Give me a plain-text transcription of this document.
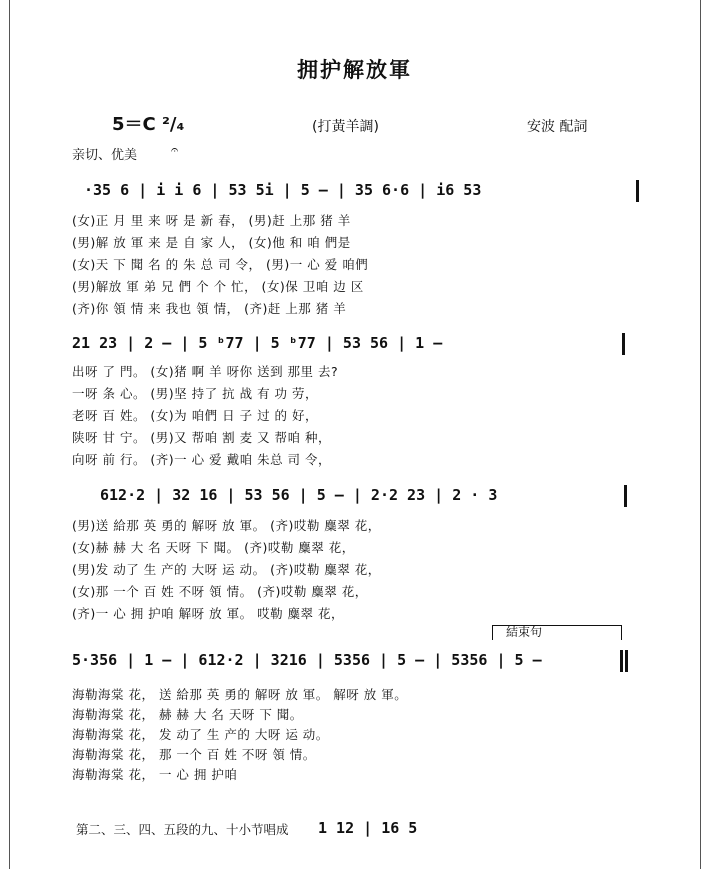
拥护解放軍
5＝C ²/₄	(打黃羊調)	安波 配詞
亲切、优美	𝄐
·35 6 | i i 6 | 53 5i | 5 — | 35 6·6 | i6 53
(女)正 月 里 来 呀 是 新 春， (男)赶 上那 猪 羊
(男)解 放 軍 来 是 自 家 人， (女)他 和 咱 們是
(女)天 下 聞 名 的 朱 总 司 令， (男)一 心 爱 咱們
(男)解放 軍 弟 兄 們 个 个 忙， (女)保 卫咱 边 区
(齐)你 領 情 来 我也 領 情， (齐)赶 上那 猪 羊
21 23 | 2 — | 5 ᵇ77 | 5 ᵇ77 | 53 56 | 1 —
出呀 了 門。 (女)猪 啊 羊 呀你 送到 那里 去?
一呀 条 心。 (男)坚 持了 抗 战 有 功 劳，
老呀 百 姓。 (女)为 咱們 日 子 过 的 好，
陕呀 甘 宁。 (男)又 帮咱 割 麦 又 帮咱 种，
向呀 前 行。 (齐)一 心 爱 戴咱 朱总 司 令，
612·2 | 32 16 | 53 56 | 5 — | 2·2 23 | 2 · 3
(男)送 給那 英 勇的 解呀 放 軍。 (齐)哎勒 麋翠 花，
(女)赫 赫 大 名 天呀 下 聞。 (齐)哎勒 麋翠 花，
(男)发 动了 生 产的 大呀 运 动。 (齐)哎勒 麋翠 花，
(女)那 一个 百 姓 不呀 領 情。 (齐)哎勒 麋翠 花，
(齐)一 心 拥 护咱 解呀 放 軍。 哎勒 麋翠 花，
結束句
5·356 | 1 — | 612·2 | 3216 | 5356 | 5 — | 5356 | 5 —
海勒海棠 花， 送 給那 英 勇的 解呀 放 軍。 解呀 放 軍。
海勒海棠 花， 赫 赫 大 名 天呀 下 聞。
海勒海棠 花， 发 动了 生 产的 大呀 运 动。
海勒海棠 花， 那 一个 百 姓 不呀 領 情。
海勒海棠 花， 一 心 拥 护咱
第二、三、四、五段的九、十小节唱成 1 12 | 16 5
